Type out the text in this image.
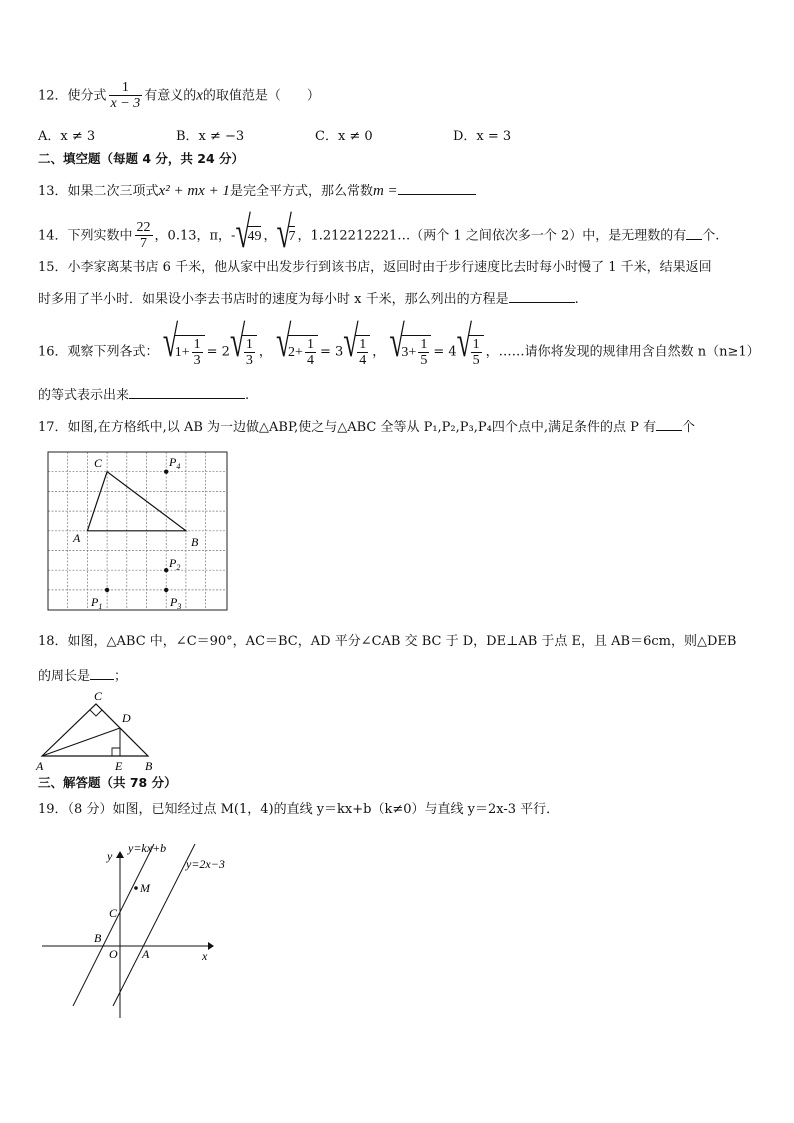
12．使分式 $\frac{1}{x - 3}$ 有意义的x的取值范是（　　）
A．x ≠ 3	B．x ≠ −3	C．x ≠ 0	D．x = 3
二、填空题（每题 4 分，共 24 分）
13．如果二次三项式x² + mx + 1是完全平方式，那么常数m =
14．下列实数中 $\frac{22}{7}$ ，0.13，π，- √ 49 ， √ 7 ，1.212212221…（两个 1 之间依次多一个 2）中，是无理数的有 个.
15．小李家离某书店 6 千米，他从家中出发步行到该书店，返回时由于步行速度比去时每小时慢了 1 千米，结果返回
时多用了半小时．如果设小李去书店时的速度为每小时 x 千米，那么列出的方程是	.
16．观察下列各式： √ $1+ \frac{1}{3} = 2$ √ $\frac{1}{3}$ ， √ $2+ \frac{1}{4} = 3$ √ $\frac{1}{4}$ ， √ $3+ \frac{1}{5} = 4$ √ $\frac{1}{5}$ ，……请你将发现的规律用含自然数 n（n≥1）
的等式表示出来	.
17．如图,在方格纸中,以 AB 为一边做△ABP,使之与△ABC 全等从 P₁,P₂,P₃,P₄四个点中,满足条件的点 P 有 个
C
A	B
$P_4$
$P_2$
$P_1$	$P_3$
18．如图，△ABC 中，∠C＝90°，AC＝BC，AD 平分∠CAB 交 BC 于 D，DE⊥AB 于点 E，且 AB＝6cm，则△DEB
的周长是 ；
C
D
A	E B
三、解答题（共 78 分）
19．（8 分）如图，已知经过点 M(1，4)的直线 y＝kx+b（k≠0）与直线 y＝2x-3 平行．
y=kx+b
y=2x−3
y
x
M
C
B
O A
